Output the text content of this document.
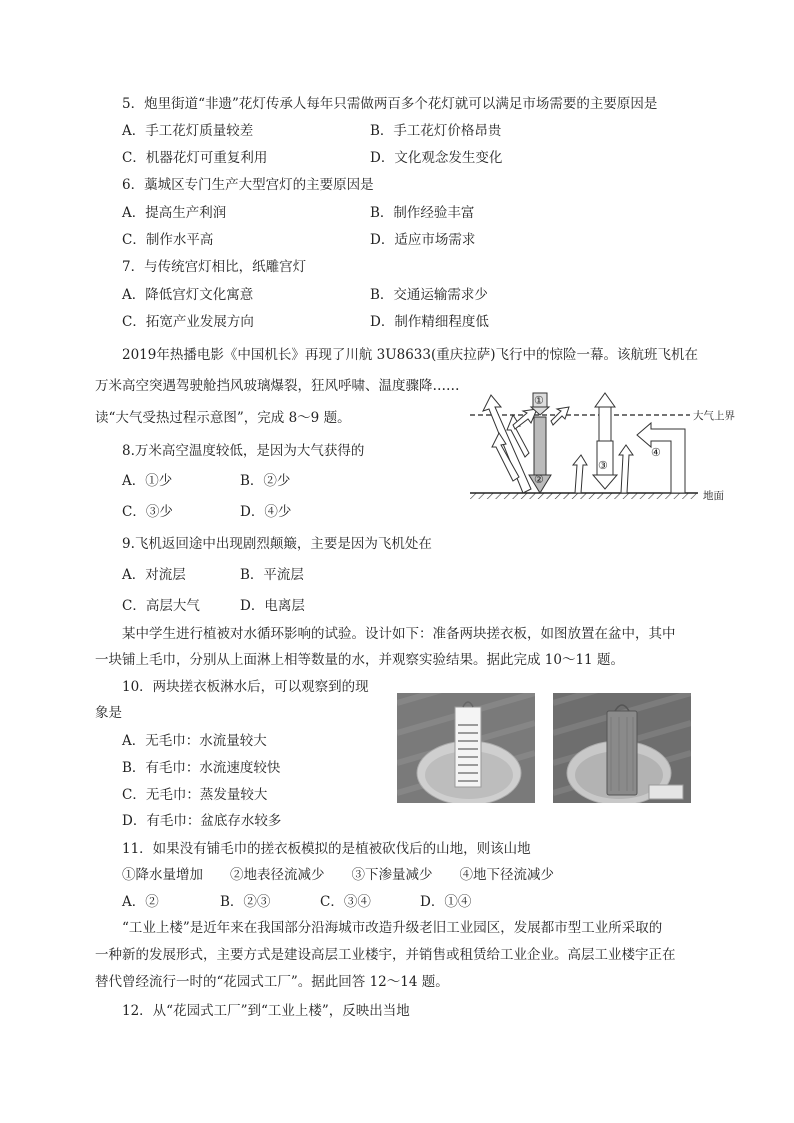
5．炮里街道“非遗”花灯传承人每年只需做两百多个花灯就可以满足市场需要的主要原因是
A．手工花灯质量较差	B．手工花灯价格昂贵
C．机器花灯可重复利用	D．文化观念发生变化
6．藁城区专门生产大型宫灯的主要原因是
A．提高生产利润	B．制作经验丰富
C．制作水平高	D．适应市场需求
7．与传统宫灯相比，纸雕宫灯
A．降低宫灯文化寓意	B．交通运输需求少
C．拓宽产业发展方向	D．制作精细程度低
2019年热播电影《中国机长》再现了川航 3U8633(重庆拉萨)飞行中的惊险一幕。该航班飞机在
万米高空突遇驾驶舱挡风玻璃爆裂，狂风呼啸、温度骤降……
读“大气受热过程示意图”，完成 8～9 题。	大气上界
地面
①
②
③
④
8.万米高空温度较低，是因为大气获得的
A．①少	B．②少
C．③少	D．④少
9.飞机返回途中出现剧烈颠簸，主要是因为飞机处在
A．对流层	B．平流层
C．高层大气	D．电离层
某中学生进行植被对水循环影响的试验。设计如下：准备两块搓衣板，如图放置在盆中，其中
一块铺上毛巾，分别从上面淋上相等数量的水，并观察实验结果。据此完成 10～11 题。
10．两块搓衣板淋水后，可以观察到的现
象是
A．无毛巾：水流量较大
B．有毛巾：水流速度较快
C．无毛巾：蒸发量较大
D．有毛巾：盆底存水较多
11．如果没有铺毛巾的搓衣板模拟的是植被砍伐后的山地，则该山地
①降水量增加　　②地表径流减少　　③下渗量减少　　④地下径流减少
A．②	B．②③	C．③④	D．①④
“工业上楼”是近年来在我国部分沿海城市改造升级老旧工业园区，发展都市型工业所采取的
一种新的发展形式，主要方式是建设高层工业楼宇，并销售或租赁给工业企业。高层工业楼宇正在
替代曾经流行一时的“花园式工厂”。据此回答 12～14 题。
12．从“花园式工厂”到“工业上楼”，反映出当地
